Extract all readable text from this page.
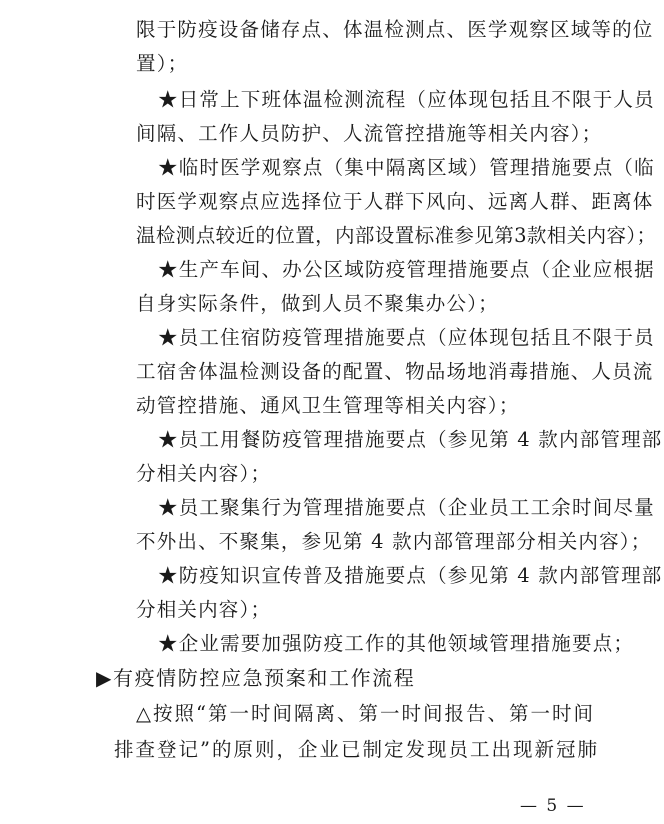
限于防疫设备储存点、体温检测点、医学观察区域等的位
置）；
★日常上下班体温检测流程（应体现包括且不限于人员
间隔、工作人员防护、人流管控措施等相关内容）；
★临时医学观察点（集中隔离区域）管理措施要点（临
时医学观察点应选择位于人群下风向、远离人群、距离体
温检测点较近的位置，内部设置标准参见第3款相关内容）；
★生产车间、办公区域防疫管理措施要点（企业应根据
自身实际条件，做到人员不聚集办公）；
★员工住宿防疫管理措施要点（应体现包括且不限于员
工宿舍体温检测设备的配置、物品场地消毒措施、人员流
动管控措施、通风卫生管理等相关内容）；
★员工用餐防疫管理措施要点（参见第 4 款内部管理部
分相关内容）；
★员工聚集行为管理措施要点（企业员工工余时间尽量
不外出、不聚集，参见第 4 款内部管理部分相关内容）；
★防疫知识宣传普及措施要点（参见第 4 款内部管理部
分相关内容）；
★企业需要加强防疫工作的其他领域管理措施要点；
▶有疫情防控应急预案和工作流程
△按照“第一时间隔离、第一时间报告、第一时间
排查登记”的原则，企业已制定发现员工出现新冠肺
— 5 —
